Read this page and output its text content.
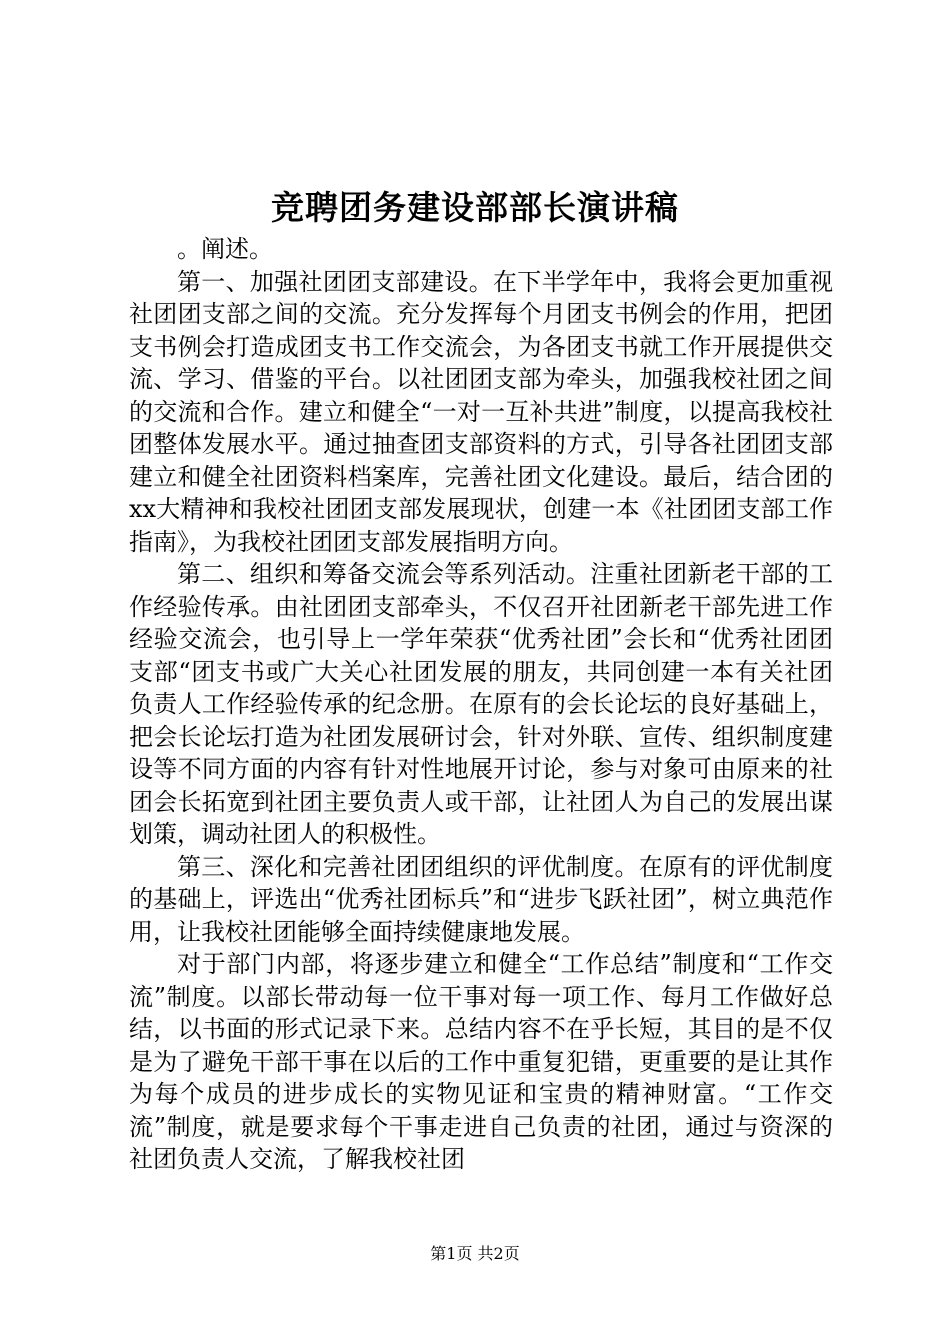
竞聘团务建设部部长演讲稿

。阐述。

第一、加强社团团支部建设。在下半学年中，我将会更加重视社团团支部之间的交流。充分发挥每个月团支书例会的作用，把团支书例会打造成团支书工作交流会，为各团支书就工作开展提供交流、学习、借鉴的平台。以社团团支部为牵头，加强我校社团之间的交流和合作。建立和健全“一对一互补共进”制度，以提高我校社团整体发展水平。通过抽查团支部资料的方式，引导各社团团支部建立和健全社团资料档案库，完善社团文化建设。最后，结合团的xx大精神和我校社团团支部发展现状，创建一本《社团团支部工作指南》，为我校社团团支部发展指明方向。

第二、组织和筹备交流会等系列活动。注重社团新老干部的工作经验传承。由社团团支部牵头，不仅召开社团新老干部先进工作经验交流会，也引导上一学年荣获“优秀社团”会长和“优秀社团团支部“团支书或广大关心社团发展的朋友，共同创建一本有关社团负责人工作经验传承的纪念册。在原有的会长论坛的良好基础上，把会长论坛打造为社团发展研讨会，针对外联、宣传、组织制度建设等不同方面的内容有针对性地展开讨论，参与对象可由原来的社团会长拓宽到社团主要负责人或干部，让社团人为自己的发展出谋划策，调动社团人的积极性。

第三、深化和完善社团团组织的评优制度。在原有的评优制度的基础上，评选出“优秀社团标兵”和“进步飞跃社团”，树立典范作用，让我校社团能够全面持续健康地发展。

对于部门内部，将逐步建立和健全“工作总结”制度和“工作交流”制度。以部长带动每一位干事对每一项工作、每月工作做好总结，以书面的形式记录下来。总结内容不在乎长短，其目的是不仅是为了避免干部干事在以后的工作中重复犯错，更重要的是让其作为每个成员的进步成长的实物见证和宝贵的精神财富。“工作交流”制度，就是要求每个干事走进自己负责的社团，通过与资深的社团负责人交流，了解我校社团

第1页 共2页
